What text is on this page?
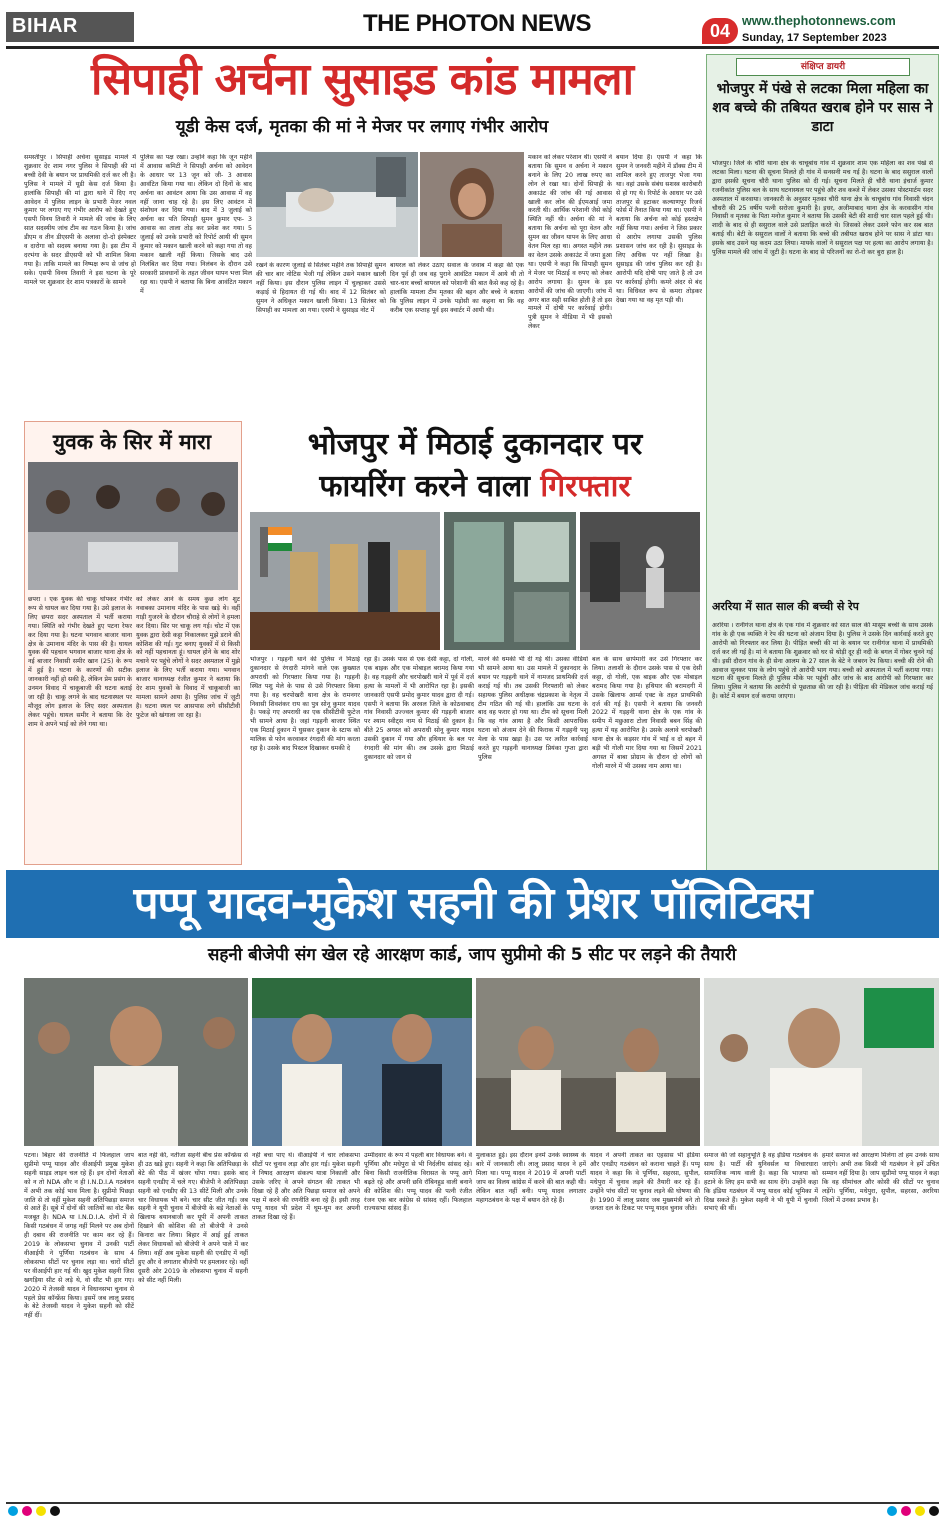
BIHAR	THE PHOTON NEWS	04 www.thephotonnews.com
Sunday, 17 September 2023
सिपाही अर्चना सुसाइड कांड मामला
यूडी केस दर्ज, मृतका की मां ने मेजर पर लगाए गंभीर आरोप
समस्तीपुर । सिपाही अर्चना सुसाइड मामले में शुक्रवार देर शाम नगर पुलिस ने सिपाही की मां बच्ची देवी के बयान पर प्राथमिकी दर्ज कर ली है। पुलिस ने मामले में यूडी केस दर्ज किया है। हालांकि सिपाही की मां द्वारा थाने में दिए गए आवेदन में पुलिस लाइन के प्रभारी मेजर नवल कुमार पर लगाए गए गंभीर आरोप को देखते हुए एसपी विनय तिवारी ने मामले की जांच के लिए सात सदस्यीय जांच टीम का गठन किया है। जांच डीएम व तीन डीएसपी के अलावा दो-दो इंस्पेक्टर व दारोगा को सदस्य बनाया गया है। इस टीम में दरभंगा के सदर डीएसपी को भी शामिल किया गया है। ताकि मामले का निष्पक्ष रूप से जांच हो सके। एसपी विनय तिवारी ने इस घटना के पूरे मामले पर शुक्रवार देर शाम पत्रकारों के सामने
पुलिस का पक्ष रखा। उन्होंने कहा कि जून महीने में आवास कमिटी ने सिपाही अर्चना को आवेदन के आधार पर 13 जून को जी- 3 आवास आवंटित किया गया था। लेकिन दो दिनों के बाद अर्चना का आवंटन आया कि उस आवास में वह नहीं जाना चाह रहे है। इस लिए आवंटन में संशोधन कर दिया गया। बाद में 3 जुलाई को अर्चना का पति सिपाही सुमन कुमार एफ- 3 आवास का ताला तोड़ कर प्रवेश कर गया। 5 जुलाई को उनके प्रभारी को रिपोर्ट आयी थी सुमन कुमार को मकान खाली करने को कहा गया तो वह मकान खाली नहीं किया। जिसके बाद उसे निलंबित कर दिया गया। निलंबन के दौरान उसे सरकारी प्रावधानों के तहत जीवन यापन भत्ता मिल रहा था। एसपी ने बताया कि बिना आवंटित मकान में
रखने के कारण जुलाई से सितंबर महीने तक सिपाही सुमन की चार बार नोटिस भेजी गई लेकिन उसने मकान खाली नहीं किया। इस दौरान पुलिस लाइन में चुल्हाकर उससे कड़ाई से हिदायत दी गई थी। बाद में 12 सितंबर को सुमन ने अधिकृत मकान खाली किया। 13 सितंबर को सिपाही का मामला आ गया। एसपी ने सुसाइड नोट में
बायरल को लेकर उठाए सवाल के जवाब में कहा की एक दिन पूर्व ही जब वह पुराने आवंटित मकान में आये थी तो चार-चार बच्चों बायरल को परेशानी की बात कैसे कह रहे है। हालांकि मामला टीम मृतका की बहन और बच्चे ने बताया कि पुलिस लाइन में उनके पड़ोसी का कहना था कि वह करीब एक सप्ताह पूर्व इस क्वार्टर में आयी थी।
मकान को लेकर परेशान थी। एसपी ने बताया कि सुमन व अर्चना ने मकान बनाने के लिए 20 लाख रुपए का लोन ले रखा था। दोनों सिपाही के अकाउंट की जांच की गई आवास खाली कर लोन की ईएमआई जमा करती थी। आर्थिक परेशानी जैसे कोई स्थिति नहीं थी। अर्चना की मां ने बताया कि अर्चना को पूरा वेतन और सुमन का जीवन यापन के लिए आधा वेतन मिल रहा था। अगस्त महीने तक का वेतन उसके अकाउंट में जमा हुआ था। एसपी ने कहा कि सिपाही सुमन ने मेजर पर मिठाई व रुपए को लेकर आरोप लगाया है। सुमन के इस आरोपों की जांच की जाएगी। जांच में अगर बात सही साबित होती है तो इस मामले में दोषी पर कार्रवाई होगी। पुत्री सुमन ने मीडिया में भी इसको लेकर
बयान दिया है। एसपी ने कहा कि सुमन ने जनवरी महीने में डॉक्स टीम में शामिल करने हुए ताजपुर भेजा गया था। वहां उसके संबंध सशस्त्र कारोबारी से हो गए थे। रिपोर्ट के आधार पर उसे ताजपुर से हटाकर कल्याणपुर रिजर्व फोर्स में तैनात किया गया था। एसपी ने बताया कि अर्चना को कोई हस्तक्षेप नहीं किया गया। अर्चना ने जिस प्रकार से आरोप लगाया उसकी पुलिस प्रशासन जांच कर रही है। सुसाइड के लिए अधिक पर नहीं लिखा है। सुसाइड की जांच पुलिस कर रही है। आरोपी यदि दोषी पाए जाते है तो उन पर कार्रवाई होगी। कमरे अंदर से बंद था। विधिवत रूप से कमरा तोड़कर देखा गया था वह मृत पड़ी थी।
संक्षिप्त डायरी
भोजपुर में पंखे से लटका मिला महिला का शव बच्चे की तबियत खराब होने पर सास ने डाटा
भोजपुर। जिले के चौरी थाना क्षेत्र के चाचूबांध गांव में शुक्रवार शाम एक महिला का शव पंखे से लटका मिला। घटना की सूचना मिलते ही गांव में सनसनी मच गई है। घटना के बाद ससुराल वालों द्वारा इसकी सूचना चौरी थाना पुलिस को दी गई। सूचना मिलते ही चौरी थाना इंचार्ज कुमार रजनीकांत पुलिस बल के साथ घटनास्थल पर पहुंचे और शव कब्जे में लेकर उसका पोस्टमार्टम सदर अस्पताल में करवाया। जानकारी के अनुसार मृतका चौरी थाना क्षेत्र के चाचूबांध गांव निवासी चंदन चौधरी की 25 वर्षीय पत्नी सरोजा कुमारी है। इधर, अजीमाबाद थाना क्षेत्र के करवासीन गांव निवासी व मृतका के पिता मनोज कुमार ने बताया कि उसकी बेटी की शादी चार साल पहले हुई थी। शादी के बाद से ही ससुराल वाले उसे प्रताड़ित करते थे। जिसको लेकर उसने फोन कर सब बात बताई थी। बेटी के ससुराल वालों ने बताया कि बच्चे की तबीयत खराब होने पर सास ने डांटा था। इसके बाद उसने यह कदम उठा लिया। मायके वालों ने ससुराल पक्ष पर हत्या का आरोप लगाया है। पुलिस मामले की जांच में जुटी है। घटना के बाद से परिजनों का रो-रो कर बुरा हाल है।
अररिया में सात साल की बच्ची से रेप
अररिया । रानीगंज थाना क्षेत्र के एक गांव में शुक्रवार को सात साल की मासूम बच्ची के साथ उसके गांव के ही एक व्यक्ति ने रेप की घटना को अंजाम दिया है। पुलिस ने उसके दिन कार्रवाई करते हुए आरोपी को गिरफ्तार कर लिया है। पीड़ित बच्ची की मां के बयान पर रानीगंज थाना में प्राथमिकी दर्ज कर ली गई है। मां ने बताया कि शुक्रवार को घर से थोड़ी दूर ही नदी के बगल में गोबर चुनने गई थी। इसी दौरान गांव के ही सेना आलम के 27 साल के बेटे ने जबरन रेप किया। बच्ची की रोने की आवाज सुनकर पास के लोग पहुंचे तो आरोपी भाग गया। बच्ची को अस्पताल में भर्ती कराया गया। घटना की सूचना मिलते ही पुलिस मौके पर पहुंची और जांच के बाद आरोपी को गिरफ्तार कर लिया। पुलिस ने बताया कि आरोपी से पूछताछ की जा रही है। पीड़िता की मेडिकल जांच कराई गई है। कोर्ट में बयान दर्ज कराया जाएगा।
युवक के सिर में मारा
छपरा । एक युवक की चाकू घोंपकर गंभीर रूप से घायल कर दिया गया है। उसे इलाज के लिए छपरा सदर अस्पताल में भर्ती कराया गया। स्थिति को गंभीर देखते हुए पटना रेफर कर दिया गया है। घटना भगवान बाजार थाना क्षेत्र के उमानाथ मंदिर के पास की है। घायल युवक की पहचान भगवान बाजार थाना क्षेत्र के नई बाजार निवासी समीर खान (25) के रूप में हुई है। घटना के कारणों की सटीक जानकारी नहीं हो सकी है, लेकिन प्रेम प्रसंग के उनमन विवाद में चाकूबाजी की घटना बताई जा रही है। चाकू लगने के बाद घटनास्थल पर मौजूद लोग इलाज के लिए सदर अस्पताल लेकर पहुंचे। घायल समीर ने बताया कि देर शाम वे अपने भाई को लेने गया था।
को लेकर आने के समय कुछ लोग शुट नवाबका उमानाथ मंदिर के पास खड़े थे। वहीं गाड़ी गुजरने के दौरान चौराहे से लोगों ने हमला कर दिया। सिर पर चाकू लग गई। चोट में एक युवक द्वारा देसी कट्टा निकालकर मुझे डराने की कोशिश की गई। गुट बनाए युवकों में से किसी को नहीं पहचानता हूं। घायल होने के बाद शोर मचाने पर पहुंचे लोगों ने सदर अस्पताल में मुझे इलाज के लिए भर्ती कराया गया। भगवान बाजार थानाध्यक्ष रंजीत कुमार ने बताया कि देर शाम युवकों के विवाद में चाकूबाजी का मामला सामने आया है। पुलिस जांच में जुटी है। घटना स्थल पर आसपास लगे सीसीटीवी फुटेज को खंगाला जा रहा है।
भोजपुर में मिठाई दुकानदार पर
फायरिंग करने वाला गिरफ्तार
भोजपुर । गड़हनी थाने की पुलिस ने मिठाई दुकानदार से रंगदारी मांगने वाले एक कुख्यात अपराधी को गिरफ्तार किया गया है। गड़हनी स्थित पशु मेले के पास से उसे गिरफ्तार किया गया है। वह चरपोखरी थाना क्षेत्र के रामनगर निवासी शिवशंकर राय का पुत्र सोनू कुमार यादव है। पकड़े गए अपराधी का एक सीसीटीवी फुटेज भी सामने आया है। जहां गड़हनी बाजार स्थित एक मिठाई दुकान में घुसकर दुकान के स्टाफ को मालिक से फोन करवाकर रंगदारी की मांग करता रहा है। उसके बाद पिस्टल दिखाकर धमकी दे
रहा है। उसके पास से एक देसी कट्टा, दो गोली, एक बाइक और एक मोबाइल बरामद किया गया है। वह गड़हनी और चरपोखरी थाने में पूर्व में दर्ज हत्या के मामलों में भी आरोपित रहा है। इसकी जानकारी एसपी प्रमोद कुमार यादव द्वारा दी गई। एसपी ने बताया कि अरवल जिले के कोठवाबाद गांव निवासी उज्ज्वल कुमार की गड़हनी बाजार पर श्याम स्वीट्स नाम से मिठाई की दुकान है। बीते 25 अगस्त को अपराधी सोनू कुमार यादव उसकी दुकान में गया और हथियार के बल पर रंगदारी की मांग की। तब उसके द्वारा मिठाई दुकानदार को जान से
मारने की धमकी भी दी गई थी। उसका वीडियो भी सामने आया था। उस मामले में दुकानदार के बयान पर गड़हनी थाने में नामजद प्राथमिकी दर्ज कराई गई थी। तब उसकी गिरफ्तारी को लेकर सहायक पुलिस अधीक्षक चंद्रप्रकाश के नेतृत्व में टीम गठित की गई थी। हालांकि उस घटना के बाद वह फरार हो गया था। टीम को सूचना मिली कि वह गांव आया है और किसी आपराधिक घटना को अंजाम देने की फिराक में गड़हनी पशु मेला के पास खड़ा है। उस पर त्वरित कार्रवाई करते हुए गड़हनी थानाध्यक्ष प्रियंका गुप्ता द्वारा पुलिस
बल के साथ छापेमारी कर उसे गिरफ्तार कर लिया। तलाशी के दौरान उसके पास से एक देसी कट्टा, दो गोली, एक बाइक और एक मोबाइल बरामद किया गया है। हथियार की बरामदगी में उसके खिलाफ आर्म्स एक्ट के तहत प्राथमिकी दर्ज की गई है। एसपी ने बताया कि जनवरी 2022 में गड़हनी थाना क्षेत्र के एक गांव के समीप में मछुआरा टोला निवासी बबन सिंह की हत्या में यह आरोपित है। उसके अलावे चरपोखरी थाना क्षेत्र के कड़सर गांव में भाई व दो बहन में बड़ी भी गोली मार दिया गया था जिसमें 2021 अगस्त में बाबा प्रोग्राम के दौरान दो लोगों को गोली मारने में भी उसका नाम आया था।
पप्पू यादव-मुकेश सहनी की प्रेशर पॉलिटिक्स
सहनी बीजेपी संग खेल रहे आरक्षण कार्ड, जाप सुप्रीमो की 5 सीट पर लड़ने की तैयारी
पटना। बिहार की राजनीति में फिलहाल जाप सुप्रीमो पप्पू यादव और वीआईपी प्रमुख मुकेश सहनी साइड लाइन चल रहे हैं। इन दोनों नेताओं को न तो NDA और न ही I.N.D.I.A गठबंधन में अभी तक कोई भाव मिला है। सुप्रीमो पिछड़ा जाति से तो वहीं मुकेश सहनी अतिपिछड़ा समाज से आते हैं। सूबे में दोनों की जातियों का वोट बैंक मजबूत है। NDA या I.N.D.I.A. दोनों में से किसी गठबंधन में जगह नहीं मिलने पर अब दोनों ही दबाव की राजनीति पर काम कर रहे हैं। 2019 के लोकसभा चुनाव में उनकी पार्टी वीआईपी ने पूर्णिया गठबंधन के साथ 4 लोकसभा सीटों पर चुनाव लड़ा था। चारों सीटों पर वीआईपी हार गई थी। खुद मुकेश सहनी जिस खगड़िया सीट से लड़े थे, वो सीट भी हार गए। 2020 में तेजस्वी यादव ने विधानसभा चुनाव से पहले प्रेस कॉन्फ्रेंस किया। इसमें जब लालू प्रसाद के बेटे तेजस्वी यादव ने मुकेश सहनी को सीटें नहीं दीं।
बात नहीं की, नतीजा सहनी बीच प्रेस कॉन्फ्रेंस से ही उठ खड़े हुए। सहनी ने कहा कि अतिपिछड़ा के बेटे की पीठ में खंजर घोंपा गया। इसके बाद सहनी एनडीए में चले गए। बीजेपी ने अतिपिछड़ा सहनी को एनडीए की 13 सीटें मिली और उनके चार विधायक भी बने। चार सीट जीत गईं। जब सहनी ने यूपी चुनाव में बीजेपी के बड़े नेताओं के खिलाफ बयानबाजी कर यूपी में अपनी ताकत दिखाने की कोशिश की तो बीजेपी ने उनसे किनारा कर लिया। बिहार में आई हुई ताकत लेकर विधायकों को बीजेपी ने अपने पाले में कर लिया। वहीं अब मुकेश सहनी की एनडीए में नहीं हुए और वे लगातार बीजेपी पर हमलावर रहे। वहीं दूसरी ओर 2019 के लोकसभा चुनाव में सहनी को सीट नहीं मिली।
नहीं बचा पाए थे। वीआईपी ने चार लोकसभा सीटों पर चुनाव लड़ा और हार गई। मुकेश सहनी ने निषाद आरक्षण संकल्प यात्रा निकाली और उसके जरिए वे अपने संगठन की ताकत भी दिखा रहे हैं और अति पिछड़ा समाज को अपने पक्ष में करने की रणनीति बना रहे हैं। इसी तरह पप्पू यादव भी प्रदेश में घूम-घूम कर अपनी ताकत दिखा रहे हैं।
उम्मीदवार के रूप में पहली बार विधायक बने। वे पूर्णिया और मधेपुरा से भी निर्दलीय सांसद रहे। बिना किसी राजनीतिक विरासत के पप्पू आगे बढ़ते रहे और अपनी छवि रॉबिनहुड वाली बनाने की कोशिश की। पप्पू यादव की पत्नी रंजीत रंजन एक बार कांग्रेस से सांसद रहीं। फिलहाल राज्यसभा सांसद हैं।
मुलाकात हुई। इस दौरान इनमें उनके स्वास्थ्य के बारे में जानकारी ली। लालू प्रसाद यादव ने हमें मिला था। पप्पू यादव ने 2019 में अपनी पार्टी जाप का विलय कांग्रेस में करने की बात कही थी। लेकिन बात नहीं बनी। पप्पू यादव लगातार महागठबंधन के पक्ष में बयान देते रहे हैं।
यादव ने अपनी ताकत का एहसास भी इंडिया और एनडीए गठबंधन को कराना चाहते हैं। पप्पू यादव ने कहा कि वे पूर्णिया, सहरसा, सुपौल, मधेपुरा में चुनाव लड़ने की तैयारी कर रहे हैं। उन्होंने पांच सीटों पर चुनाव लड़ने की घोषणा की है। 1990 में लालू प्रसाद जब मुख्यमंत्री बने तो जनता दल के टिकट पर पप्पू यादव चुनाव जीते।
समाज की जो सहानुभूति है वह इंडिया गठबंधन के साथ है। पार्टी की युनिवर्सल या विचारधारा सामाजिक न्याय वाली है। कहा कि भाजपा को हटाने के लिए हम सभी का साथ देंगे। उन्होंने कहा कि इंडिया गठबंधन में पप्पू यादव कोई भूमिका में दिख सकते हैं। मुकेश सहनी ने भी यूपी में चुनावी सभाएं की थीं।
हमारे समाज को आरक्षण मिलेगा तो हम उनके साथ जाएंगे। अभी तक किसी भी गठबंधन ने हमें उचित सम्मान नहीं दिया है। जाप सुप्रीमो पप्पू यादव ने कहा कि वह सीमांचल और कोसी की सीटों पर चुनाव लड़ेंगे। पूर्णिया, मधेपुरा, सुपौल, सहरसा, अररिया जिलों में उनका प्रभाव है।
